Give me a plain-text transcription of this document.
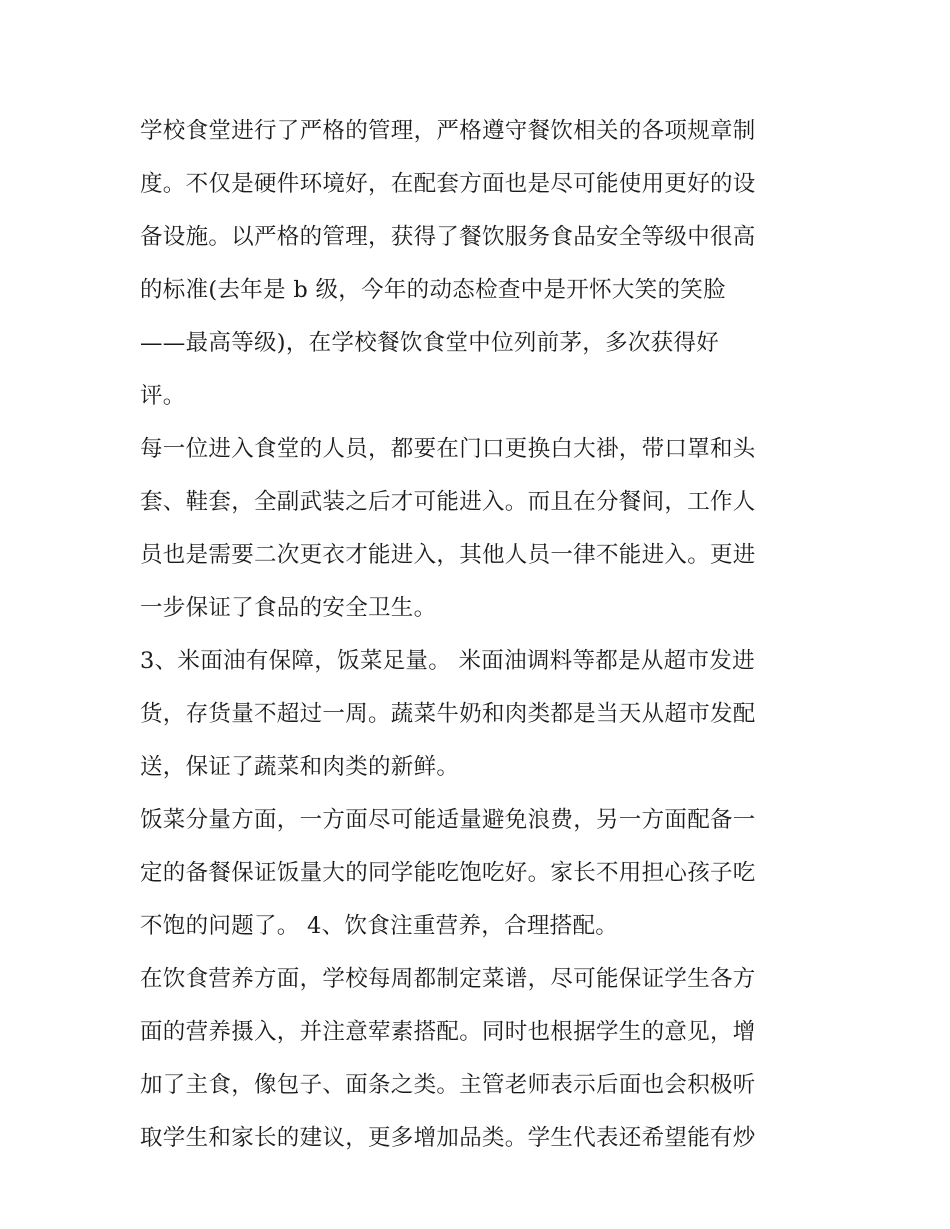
学校食堂进行了严格的管理，严格遵守餐饮相关的各项规章制
度。不仅是硬件环境好，在配套方面也是尽可能使用更好的设
备设施。以严格的管理，获得了餐饮服务食品安全等级中很高
的标准(去年是 b 级，今年的动态检查中是开怀大笑的笑脸
——最高等级)，在学校餐饮食堂中位列前茅，多次获得好
评。
每一位进入食堂的人员，都要在门口更换白大褂，带口罩和头
套、鞋套，全副武装之后才可能进入。而且在分餐间，工作人
员也是需要二次更衣才能进入，其他人员一律不能进入。更进
一步保证了食品的安全卫生。
3、米面油有保障，饭菜足量。 米面油调料等都是从超市发进
货，存货量不超过一周。蔬菜牛奶和肉类都是当天从超市发配
送，保证了蔬菜和肉类的新鲜。
饭菜分量方面，一方面尽可能适量避免浪费，另一方面配备一
定的备餐保证饭量大的同学能吃饱吃好。家长不用担心孩子吃
不饱的问题了。 4、饮食注重营养，合理搭配。
在饮食营养方面，学校每周都制定菜谱，尽可能保证学生各方
面的营养摄入，并注意荤素搭配。同时也根据学生的意见，增
加了主食，像包子、面条之类。主管老师表示后面也会积极听
取学生和家长的建议，更多增加品类。学生代表还希望能有炒
